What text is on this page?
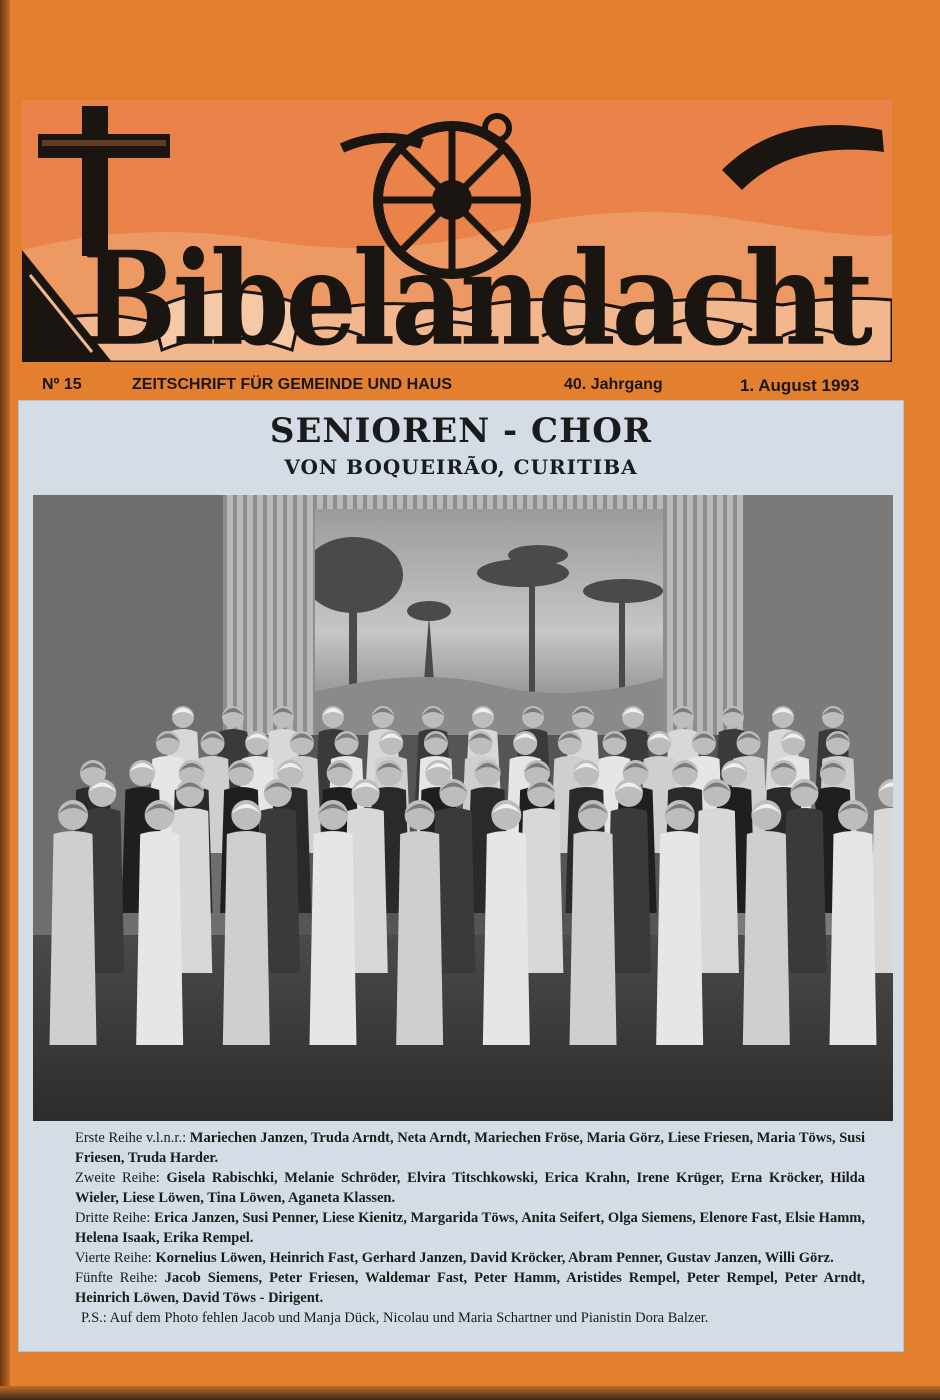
Bibelandacht
Nº 15	ZEITSCHRIFT FÜR GEMEINDE UND HAUS	40. Jahrgang	1. August 1993
SENIOREN - CHOR
VON BOQUEIRÃO, CURITIBA

Erste Reihe v.l.n.r.: Mariechen Janzen, Truda Arndt, Neta Arndt, Mariechen Fröse, Maria Görz, Liese Friesen, Maria Töws, Susi Friesen, Truda Harder.

Zweite Reihe: Gisela Rabischki, Melanie Schröder, Elvira Titschkowski, Erica Krahn, Irene Krüger, Erna Kröcker, Hilda Wieler, Liese Löwen, Tina Löwen, Aganeta Klassen.

Dritte Reihe: Erica Janzen, Susi Penner, Liese Kienitz, Margarida Töws, Anita Seifert, Olga Siemens, Elenore Fast, Elsie Hamm, Helena Isaak, Erika Rempel.

Vierte Reihe: Kornelius Löwen, Heinrich Fast, Gerhard Janzen, David Kröcker, Abram Penner, Gustav Janzen, Willi Görz.

Fünfte Reihe: Jacob Siemens, Peter Friesen, Waldemar Fast, Peter Hamm, Aristides Rempel, Peter Rempel, Peter Arndt, Heinrich Löwen, David Töws - Dirigent.

P.S.: Auf dem Photo fehlen Jacob und Manja Dück, Nicolau und Maria Schartner und Pianistin Dora Balzer.
